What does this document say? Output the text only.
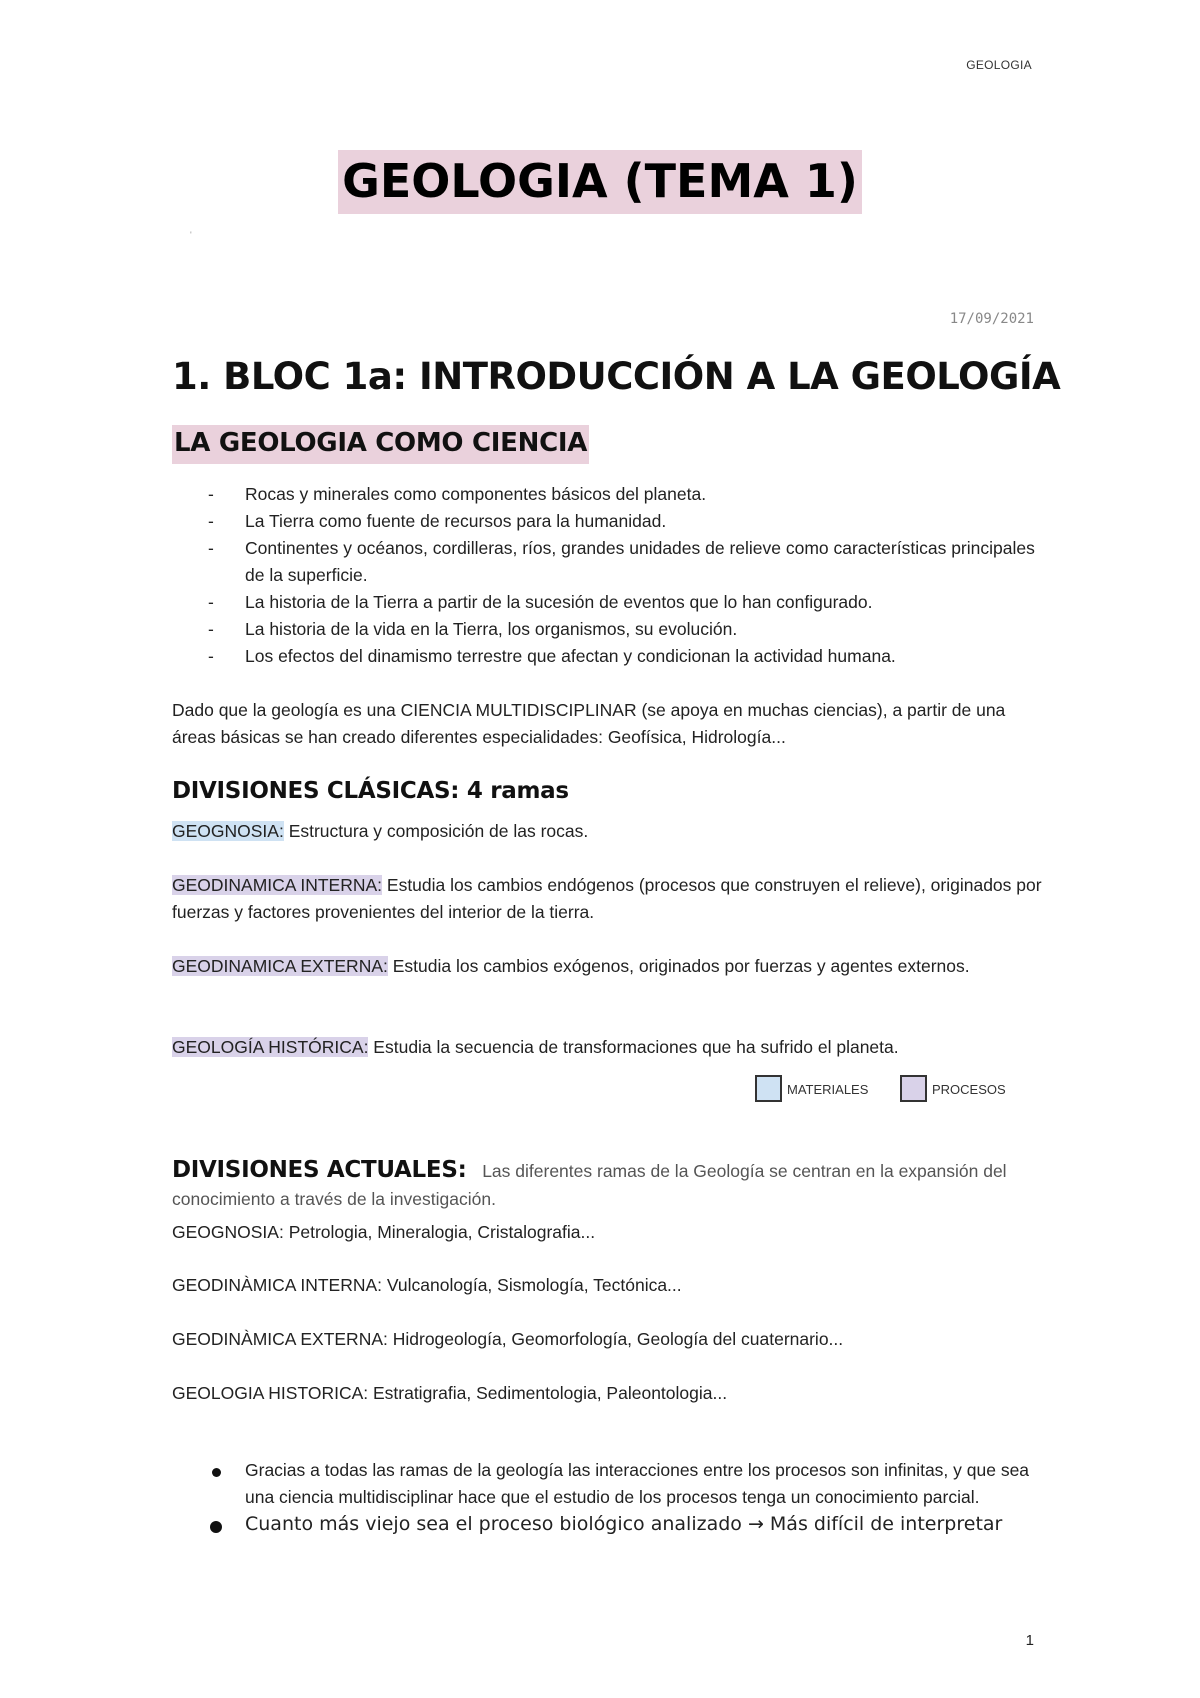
GEOLOGIA
GEOLOGIA (TEMA 1)
'
17/09/2021
1. BLOC 1a: INTRODUCCIÓN A LA GEOLOGÍA
LA GEOLOGIA COMO CIENCIA
- Rocas y minerales como componentes básicos del planeta.
- La Tierra como fuente de recursos para la humanidad.
- Continentes y océanos, cordilleras, ríos, grandes unidades de relieve como características principales de la superficie.
- La historia de la Tierra a partir de la sucesión de eventos que lo han configurado.
- La historia de la vida en la Tierra, los organismos, su evolución.
- Los efectos del dinamismo terrestre que afectan y condicionan la actividad humana.
Dado que la geología es una CIENCIA MULTIDISCIPLINAR (se apoya en muchas ciencias), a partir de una áreas básicas se han creado diferentes especialidades: Geofísica, Hidrología...
DIVISIONES CLÁSICAS: 4 ramas
GEOGNOSIA: Estructura y composición de las rocas.
GEODINAMICA INTERNA: Estudia los cambios endógenos (procesos que construyen el relieve), originados por fuerzas y factores provenientes del interior de la tierra.
GEODINAMICA EXTERNA: Estudia los cambios exógenos, originados por fuerzas y agentes externos.
GEOLOGÍA HISTÓRICA: Estudia la secuencia de transformaciones que ha sufrido el planeta.
MATERIALES	PROCESOS
DIVISIONES ACTUALES: Las diferentes ramas de la Geología se centran en la expansión del conocimiento a través de la investigación.
GEOGNOSIA: Petrologia, Mineralogia, Cristalografia...
GEODINÀMICA INTERNA: Vulcanología, Sismología, Tectónica...
GEODINÀMICA EXTERNA: Hidrogeología, Geomorfología, Geología del cuaternario...
GEOLOGIA HISTORICA: Estratigrafia, Sedimentologia, Paleontologia...
Gracias a todas las ramas de la geología las interacciones entre los procesos son infinitas, y que sea una ciencia multidisciplinar hace que el estudio de los procesos tenga un conocimiento parcial.
Cuanto más viejo sea el proceso biológico analizado → Más difícil de interpretar
1
